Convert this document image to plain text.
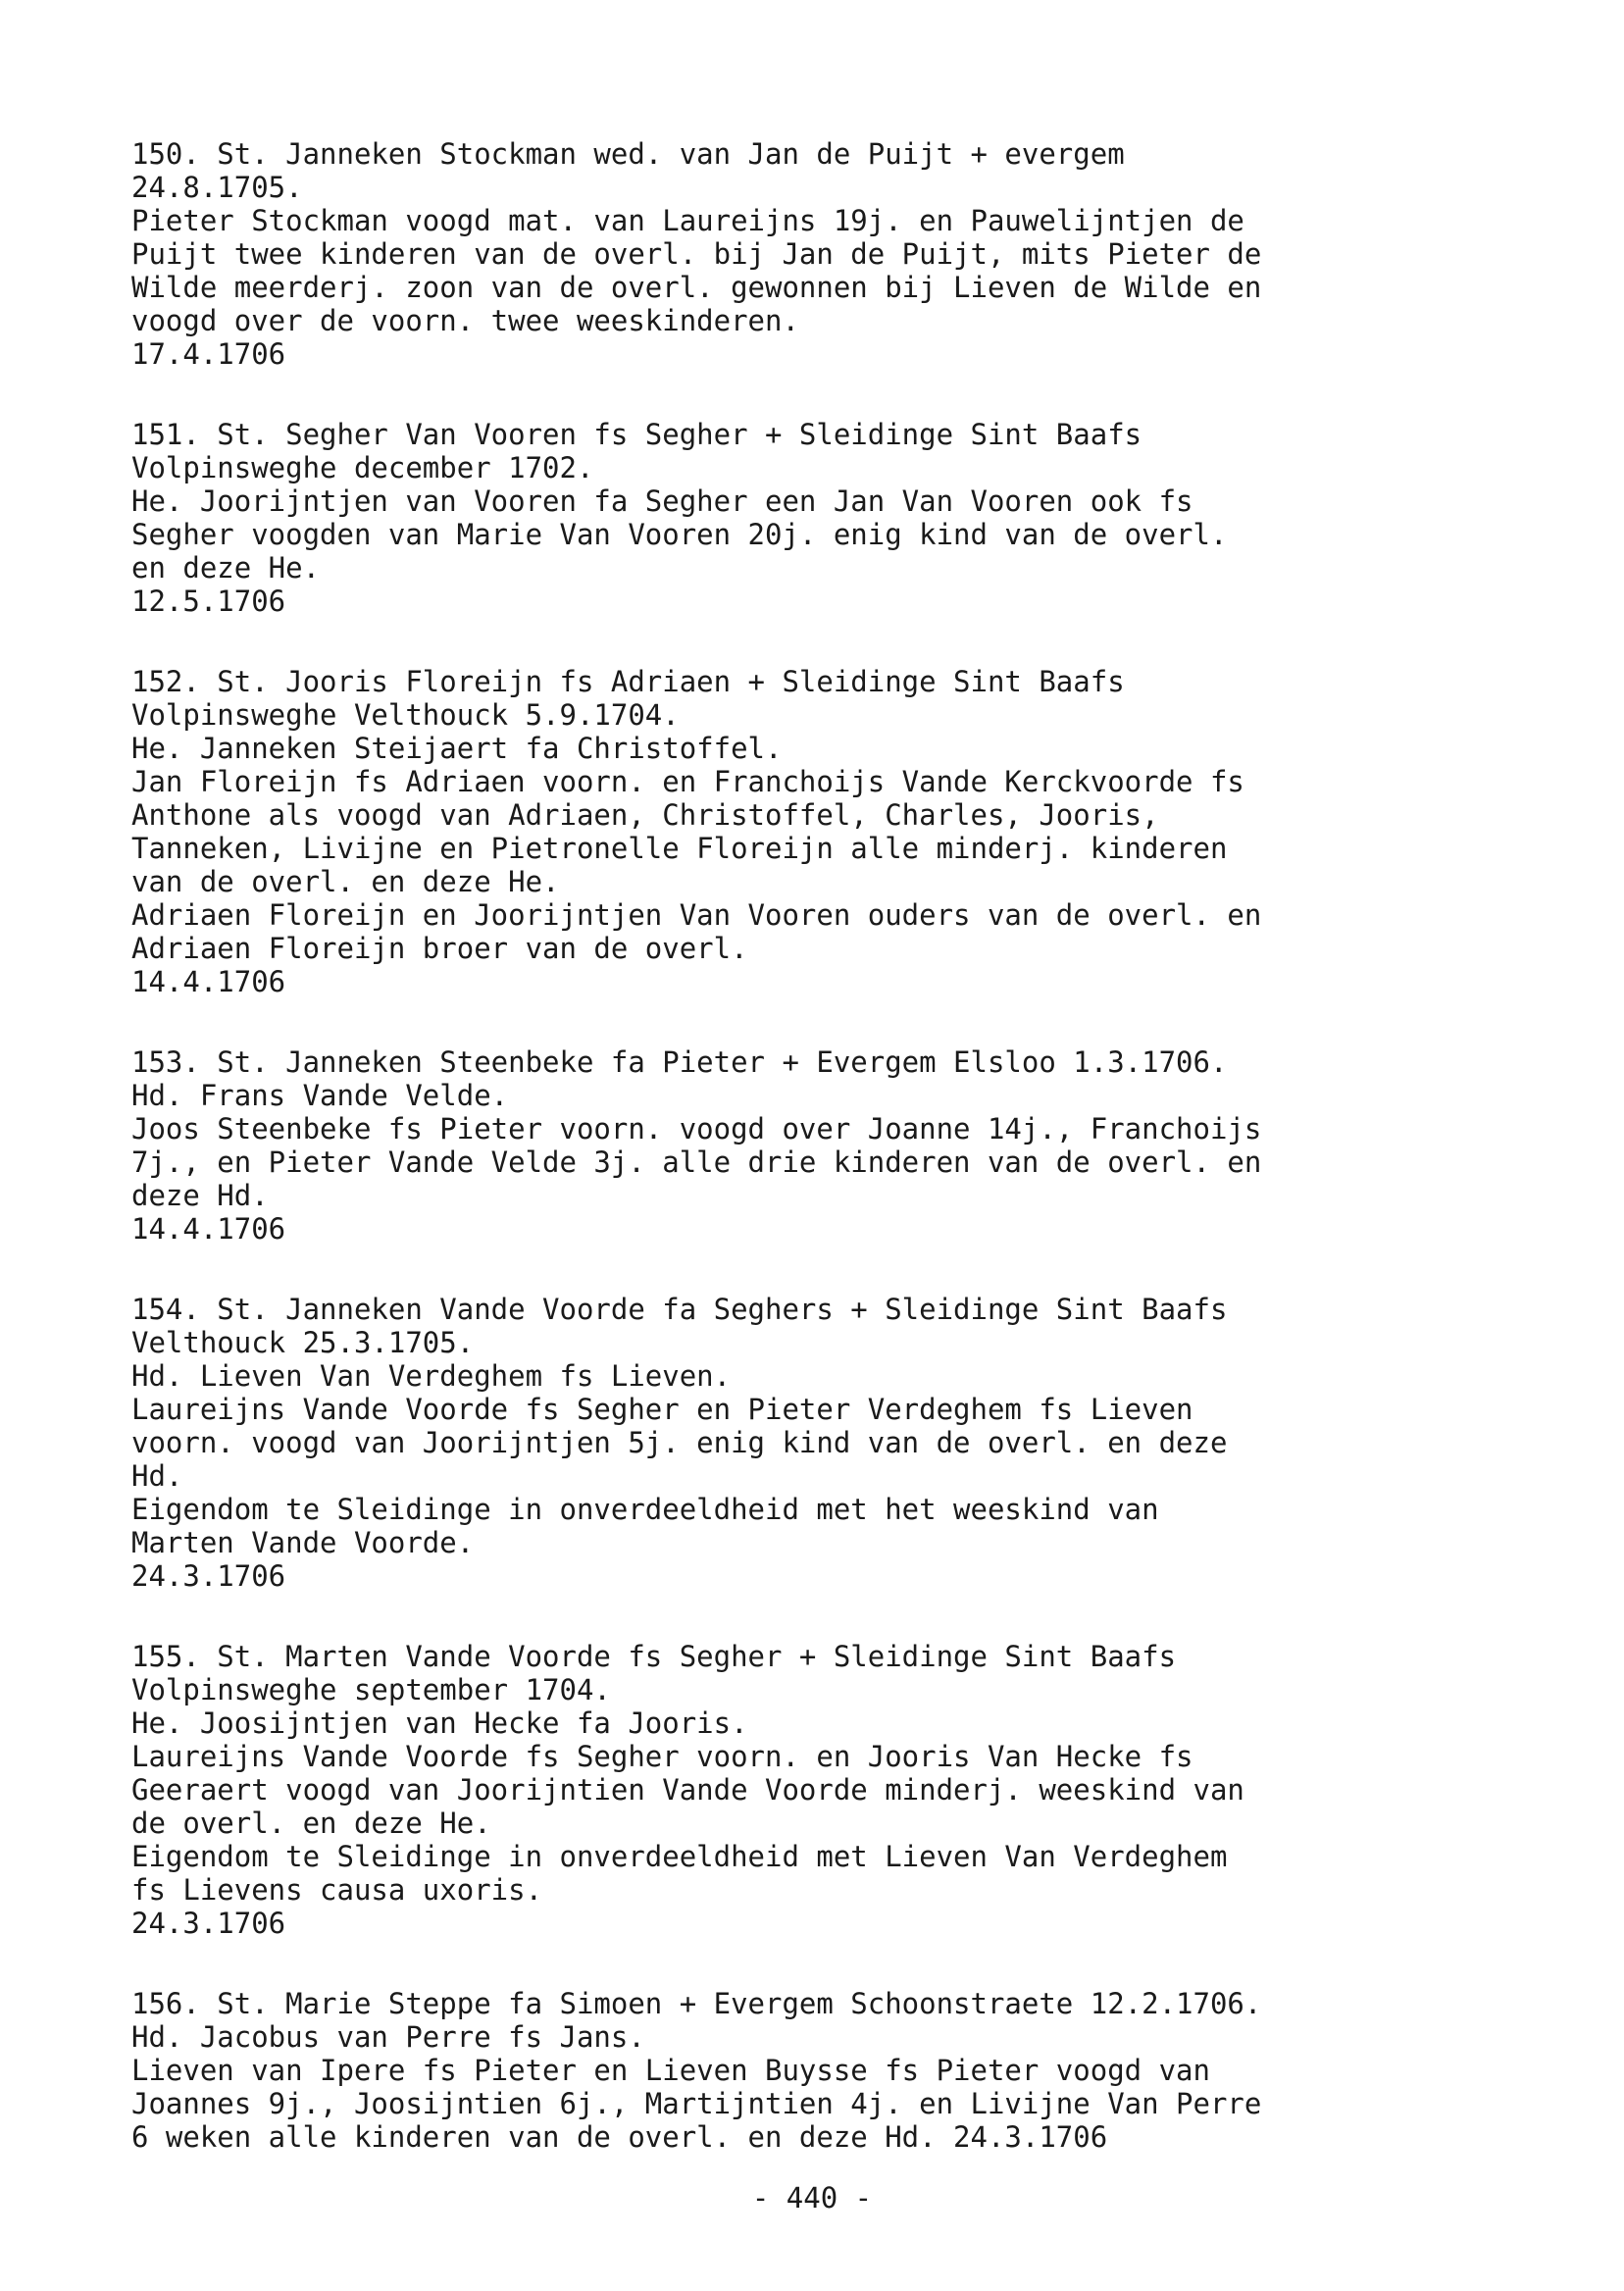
150. St. Janneken Stockman wed. van Jan de Puijt + evergem
24.8.1705.
Pieter Stockman voogd mat. van Laureijns 19j. en Pauwelijntjen de
Puijt twee kinderen van de overl. bij Jan de Puijt, mits Pieter de
Wilde meerderj. zoon van de overl. gewonnen bij Lieven de Wilde en
voogd over de voorn. twee weeskinderen.
17.4.1706
151. St. Segher Van Vooren fs Segher + Sleidinge Sint Baafs
Volpinsweghe december 1702.
He. Joorijntjen van Vooren fa Segher een Jan Van Vooren ook fs
Segher voogden van Marie Van Vooren 20j. enig kind van de overl.
en deze He.
12.5.1706
152. St. Jooris Floreijn fs Adriaen + Sleidinge Sint Baafs
Volpinsweghe Velthouck 5.9.1704.
He. Janneken Steijaert fa Christoffel.
Jan Floreijn fs Adriaen voorn. en Franchoijs Vande Kerckvoorde fs
Anthone als voogd van Adriaen, Christoffel, Charles, Jooris,
Tanneken, Livijne en Pietronelle Floreijn alle minderj. kinderen
van de overl. en deze He.
Adriaen Floreijn en Joorijntjen Van Vooren ouders van de overl. en
Adriaen Floreijn broer van de overl.
14.4.1706
153. St. Janneken Steenbeke fa Pieter + Evergem Elsloo 1.3.1706.
Hd. Frans Vande Velde.
Joos Steenbeke fs Pieter voorn. voogd over Joanne 14j., Franchoijs
7j., en Pieter Vande Velde 3j. alle drie kinderen van de overl. en
deze Hd.
14.4.1706
154. St. Janneken Vande Voorde fa Seghers + Sleidinge Sint Baafs
Velthouck 25.3.1705.
Hd. Lieven Van Verdeghem fs Lieven.
Laureijns Vande Voorde fs Segher en Pieter Verdeghem fs Lieven
voorn. voogd van Joorijntjen 5j. enig kind van de overl. en deze
Hd.
Eigendom te Sleidinge in onverdeeldheid met het weeskind van
Marten Vande Voorde.
24.3.1706
155. St. Marten Vande Voorde fs Segher + Sleidinge Sint Baafs
Volpinsweghe september 1704.
He. Joosijntjen van Hecke fa Jooris.
Laureijns Vande Voorde fs Segher voorn. en Jooris Van Hecke fs
Geeraert voogd van Joorijntien Vande Voorde minderj. weeskind van
de overl. en deze He.
Eigendom te Sleidinge in onverdeeldheid met Lieven Van Verdeghem
fs Lievens causa uxoris.
24.3.1706
156. St. Marie Steppe fa Simoen + Evergem Schoonstraete 12.2.1706.
Hd. Jacobus van Perre fs Jans.
Lieven van Ipere fs Pieter en Lieven Buysse fs Pieter voogd van
Joannes 9j., Joosijntien 6j., Martijntien 4j. en Livijne Van Perre
6 weken alle kinderen van de overl. en deze Hd. 24.3.1706
- 440 -
